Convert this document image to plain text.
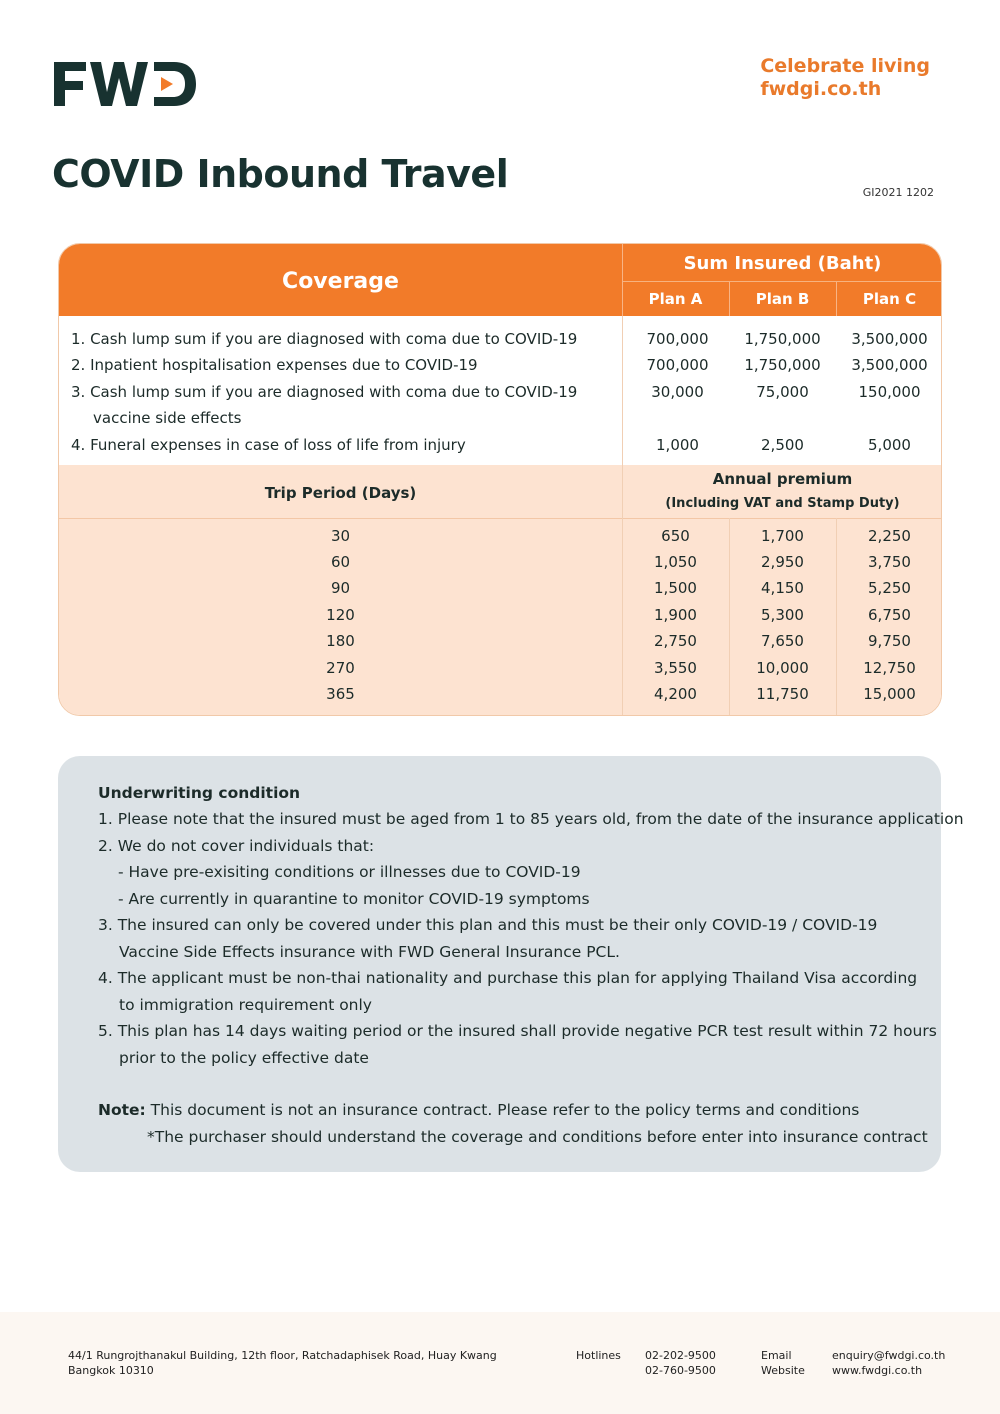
Celebrate living
fwdgi.co.th
COVID Inbound Travel	GI2021 1202
Coverage
Sum Insured (Baht)
Plan A	Plan B	Plan C
1. Cash lump sum if you are diagnosed with coma due to COVID-19	700,000	1,750,000	3,500,000
2. Inpatient hospitalisation expenses due to COVID-19	700,000	1,750,000	3,500,000
3. Cash lump sum if you are diagnosed with coma due to COVID-19	30,000	75,000	150,000
vaccine side effects
4. Funeral expenses in case of loss of life from injury	1,000	2,500	5,000
Trip Period (Days)
Annual premium
(Including VAT and Stamp Duty)
30	650	1,700	2,250
60	1,050	2,950	3,750
90	1,500	4,150	5,250
120	1,900	5,300	6,750
180	2,750	7,650	9,750
270	3,550	10,000	12,750
365	4,200	11,750	15,000
Underwriting condition
1. Please note that the insured must be aged from 1 to 85 years old, from the date of the insurance application
2. We do not cover individuals that:
- Have pre-exisiting conditions or illnesses due to COVID-19
- Are currently in quarantine to monitor COVID-19 symptoms
3. The insured can only be covered under this plan and this must be their only COVID-19 / COVID-19
Vaccine Side Effects insurance with FWD General Insurance PCL.
4. The applicant must be non-thai nationality and purchase this plan for applying Thailand Visa according
to immigration requirement only
5. This plan has 14 days waiting period or the insured shall provide negative PCR test result within 72 hours
prior to the policy effective date
Note: This document is not an insurance contract. Please refer to the policy terms and conditions
*The purchaser should understand the coverage and conditions before enter into insurance contract
44/1 Rungrojthanakul Building, 12th floor, Ratchadaphisek Road, Huay Kwang
Bangkok 10310
Hotlines 02-202-9500
02-760-9500
Email
Website
enquiry@fwdgi.co.th
www.fwdgi.co.th
